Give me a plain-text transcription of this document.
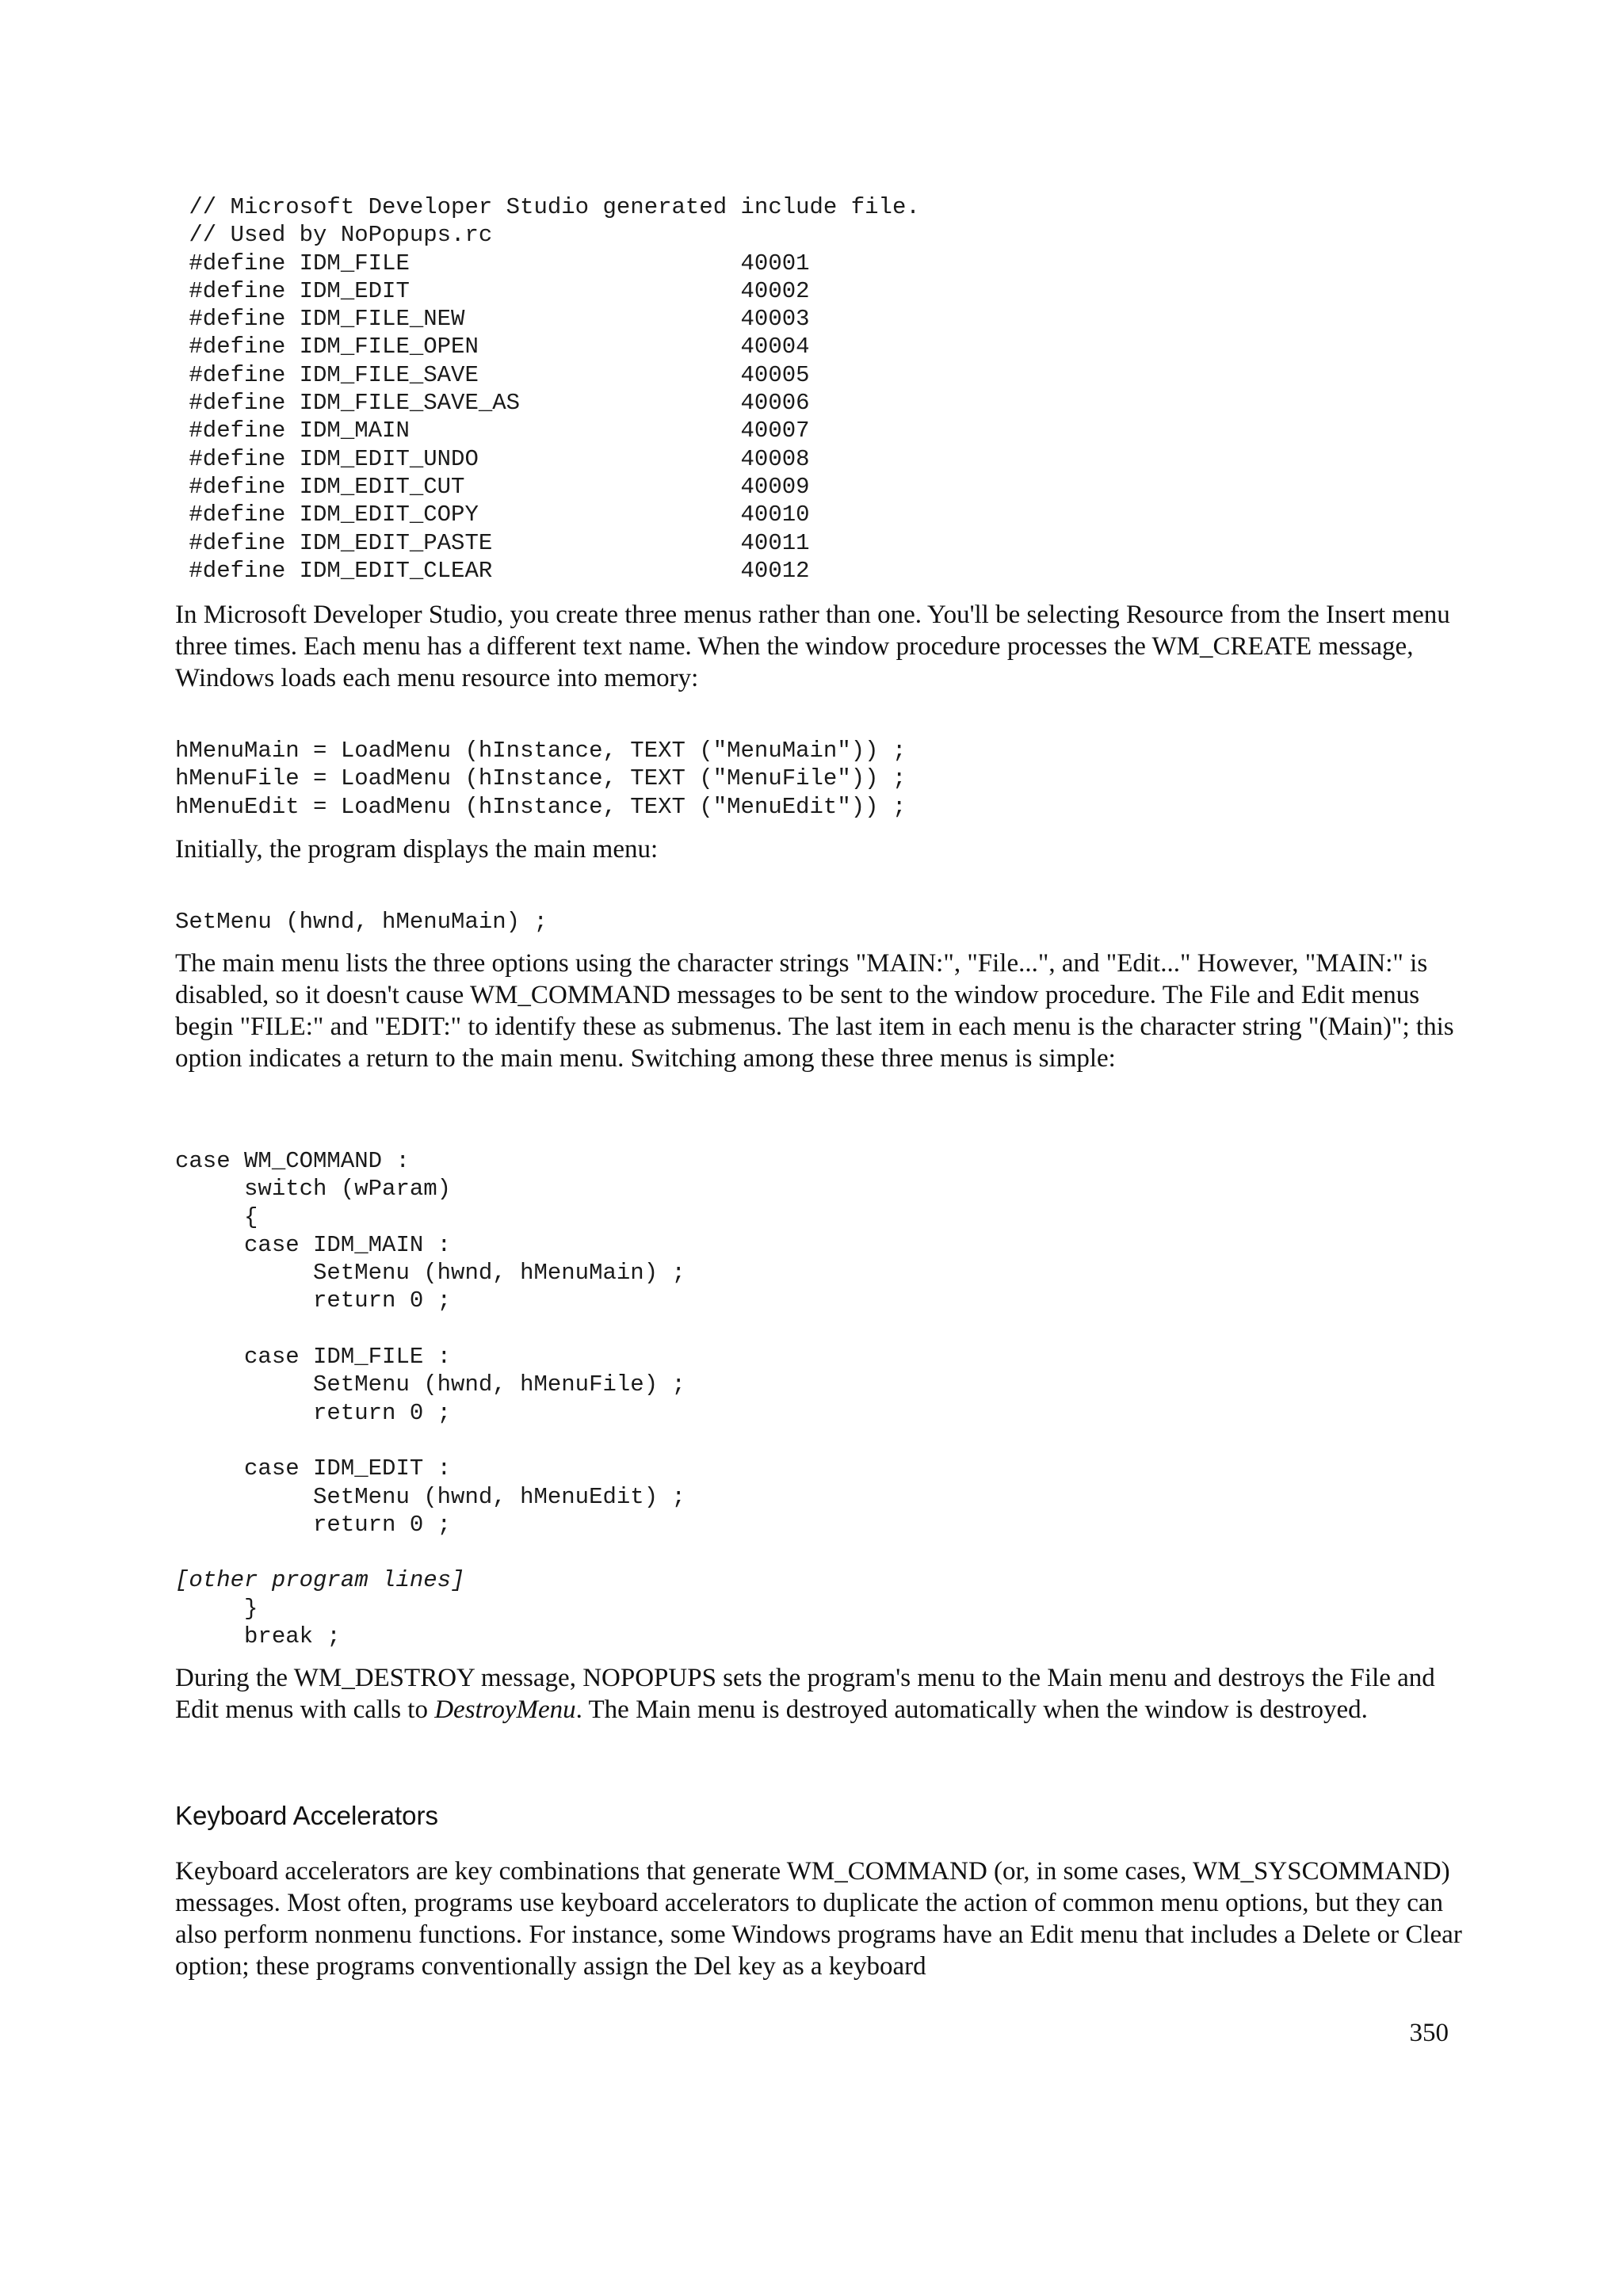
// Microsoft Developer Studio generated include file.
// Used by NoPopups.rc
#define IDM_FILE                        40001
#define IDM_EDIT                        40002
#define IDM_FILE_NEW                    40003
#define IDM_FILE_OPEN                   40004
#define IDM_FILE_SAVE                   40005
#define IDM_FILE_SAVE_AS                40006
#define IDM_MAIN                        40007
#define IDM_EDIT_UNDO                   40008
#define IDM_EDIT_CUT                    40009
#define IDM_EDIT_COPY                   40010
#define IDM_EDIT_PASTE                  40011
#define IDM_EDIT_CLEAR                  40012

In Microsoft Developer Studio, you create three menus rather than one. You'll be selecting Resource from the Insert menu three times. Each menu has a different text name. When the window procedure processes the WM_CREATE message, Windows loads each menu resource into memory:

hMenuMain = LoadMenu (hInstance, TEXT ("MenuMain")) ;
hMenuFile = LoadMenu (hInstance, TEXT ("MenuFile")) ;
hMenuEdit = LoadMenu (hInstance, TEXT ("MenuEdit")) ;

Initially, the program displays the main menu:

SetMenu (hwnd, hMenuMain) ;

The main menu lists the three options using the character strings "MAIN:", "File...", and "Edit..." However, "MAIN:" is disabled, so it doesn't cause WM_COMMAND messages to be sent to the window procedure. The File and Edit menus begin "FILE:" and "EDIT:" to identify these as submenus. The last item in each menu is the character string "(Main)"; this option indicates a return to the main menu. Switching among these three menus is simple:

case WM_COMMAND :
switch (wParam)
{
case IDM_MAIN :
SetMenu (hwnd, hMenuMain) ;
return 0 ;
case IDM_FILE :
SetMenu (hwnd, hMenuFile) ;
return 0 ;
case IDM_EDIT :
SetMenu (hwnd, hMenuEdit) ;
return 0 ;
[other program lines]
}
break ;

During the WM_DESTROY message, NOPOPUPS sets the program's menu to the Main menu and destroys the File and Edit menus with calls to DestroyMenu. The Main menu is destroyed automatically when the window is destroyed.

Keyboard Accelerators

Keyboard accelerators are key combinations that generate WM_COMMAND (or, in some cases, WM_SYSCOMMAND) messages. Most often, programs use keyboard accelerators to duplicate the action of common menu options, but they can also perform nonmenu functions. For instance, some Windows programs have an Edit menu that includes a Delete or Clear option; these programs conventionally assign the Del key as a keyboard

350
